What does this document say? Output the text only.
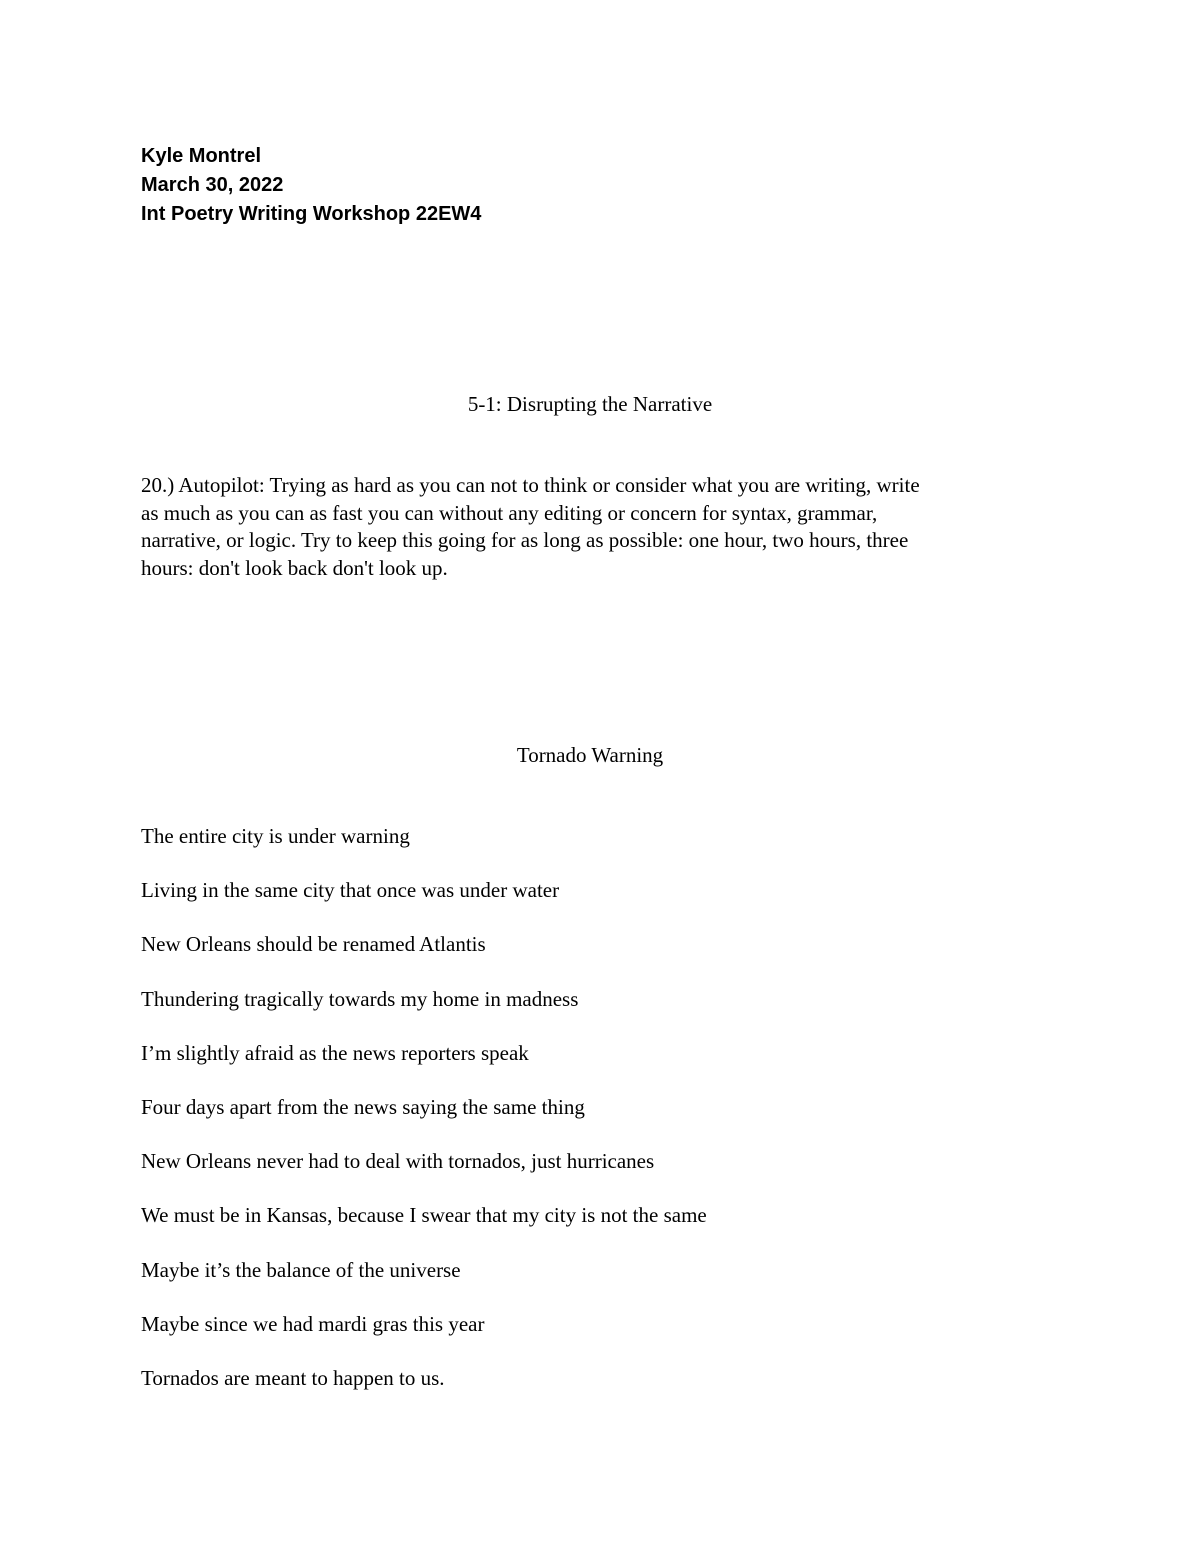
Kyle Montrel
March 30, 2022
Int Poetry Writing Workshop 22EW4
5-1: Disrupting the Narrative
20.) Autopilot: Trying as hard as you can not to think or consider what you are writing, write
as much as you can as fast you can without any editing or concern for syntax, grammar,
narrative, or logic. Try to keep this going for as long as possible: one hour, two hours, three
hours: don't look back don't look up.
Tornado Warning
The entire city is under warning
Living in the same city that once was under water
New Orleans should be renamed Atlantis
Thundering tragically towards my home in madness
I’m slightly afraid as the news reporters speak
Four days apart from the news saying the same thing
New Orleans never had to deal with tornados, just hurricanes
We must be in Kansas, because I swear that my city is not the same
Maybe it’s the balance of the universe
Maybe since we had mardi gras this year
Tornados are meant to happen to us.
